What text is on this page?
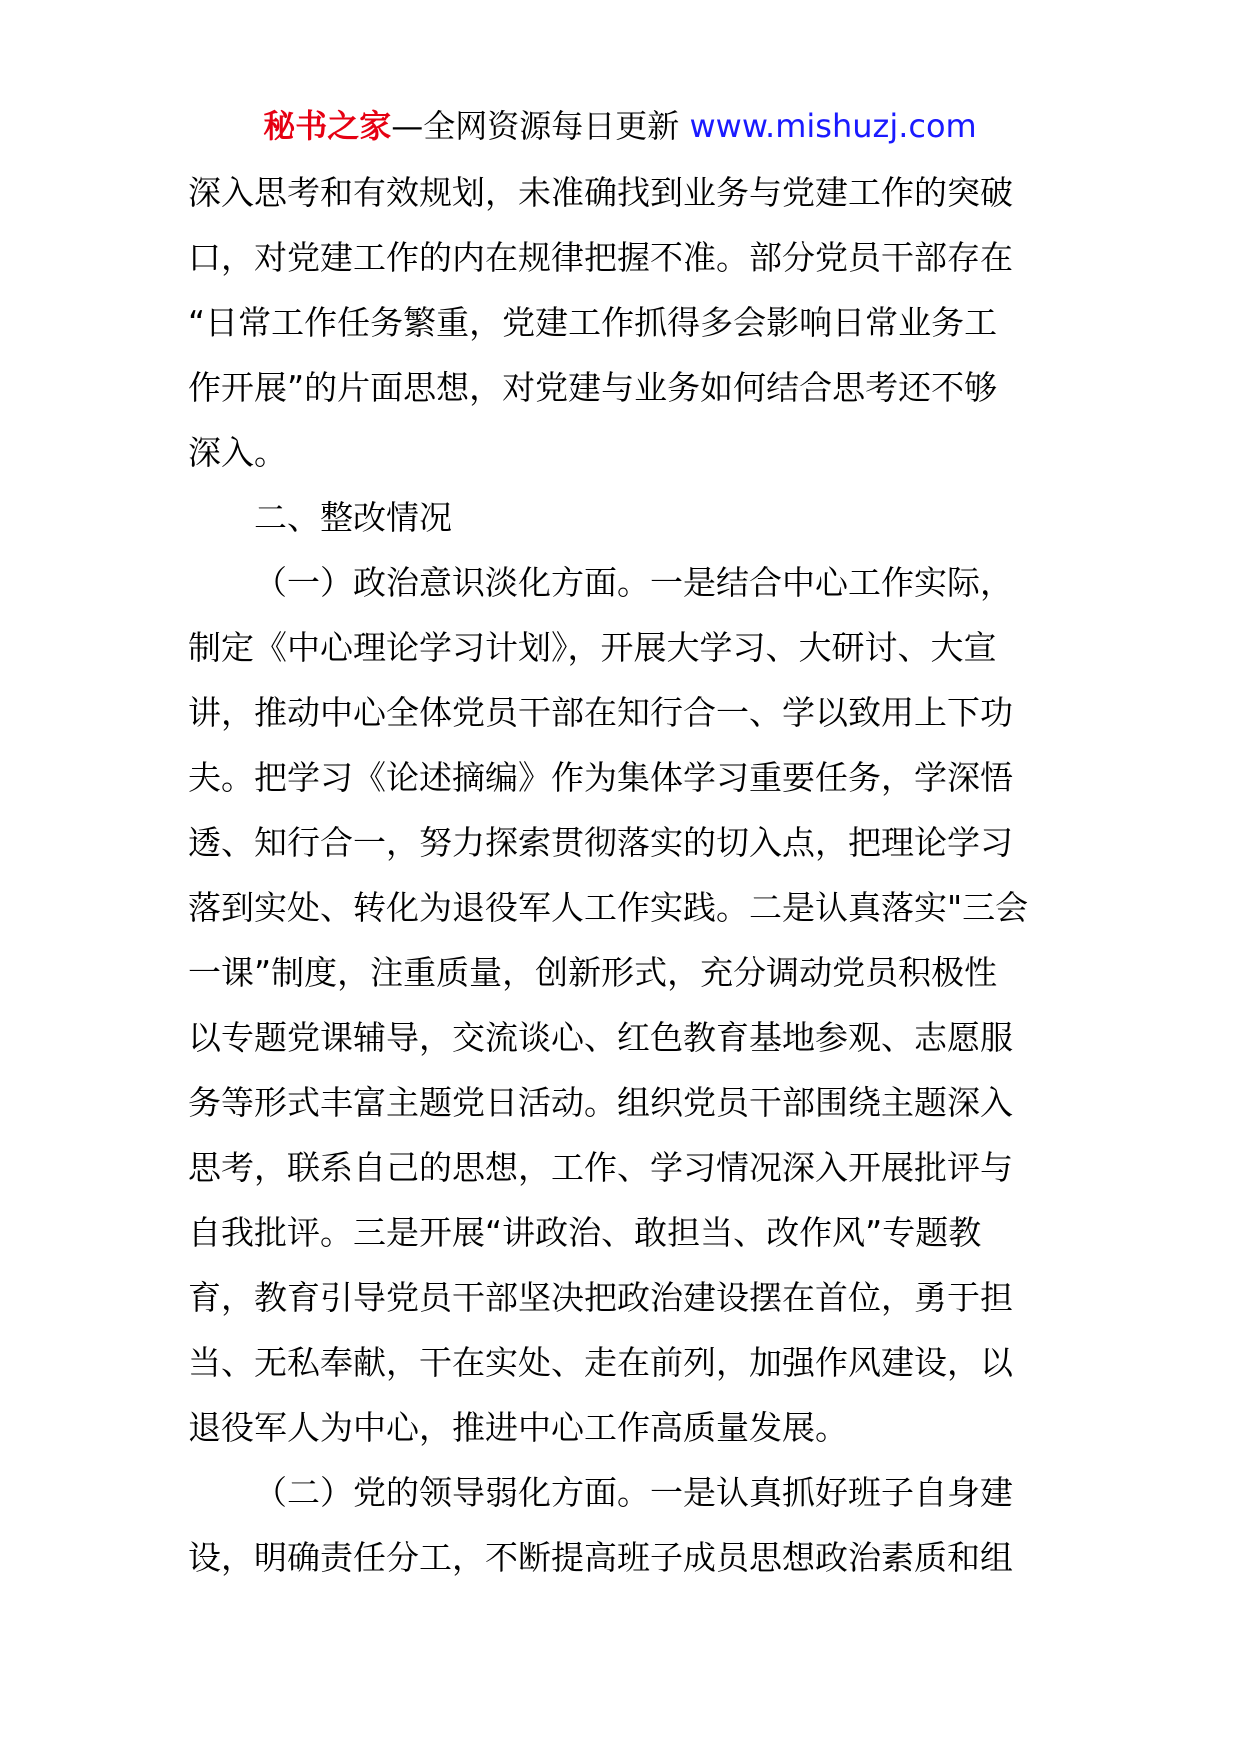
秘书之家—全网资源每日更新 www.mishuzj.com
深入思考和有效规划，未准确找到业务与党建工作的突破
口，对党建工作的内在规律把握不准。部分党员干部存在
“日常工作任务繁重，党建工作抓得多会影响日常业务工
作开展”的片面思想，对党建与业务如何结合思考还不够
深入。
二、整改情况
（一）政治意识淡化方面。一是结合中心工作实际，
制定《中心理论学习计划》，开展大学习、大研讨、大宣
讲，推动中心全体党员干部在知行合一、学以致用上下功
夫。把学习《论述摘编》作为集体学习重要任务，学深悟
透、知行合一，努力探索贯彻落实的切入点，把理论学习
落到实处、转化为退役军人工作实践。二是认真落实"三会
一课”制度，注重质量，创新形式，充分调动党员积极性
以专题党课辅导，交流谈心、红色教育基地参观、志愿服
务等形式丰富主题党日活动。组织党员干部围绕主题深入
思考，联系自己的思想，工作、学习情况深入开展批评与
自我批评。三是开展“讲政治、敢担当、改作风”专题教
育，教育引导党员干部坚决把政治建设摆在首位，勇于担
当、无私奉献，干在实处、走在前列，加强作风建设，以
退役军人为中心，推进中心工作高质量发展。
（二）党的领导弱化方面。一是认真抓好班子自身建
设，明确责任分工，不断提高班子成员思想政治素质和组
